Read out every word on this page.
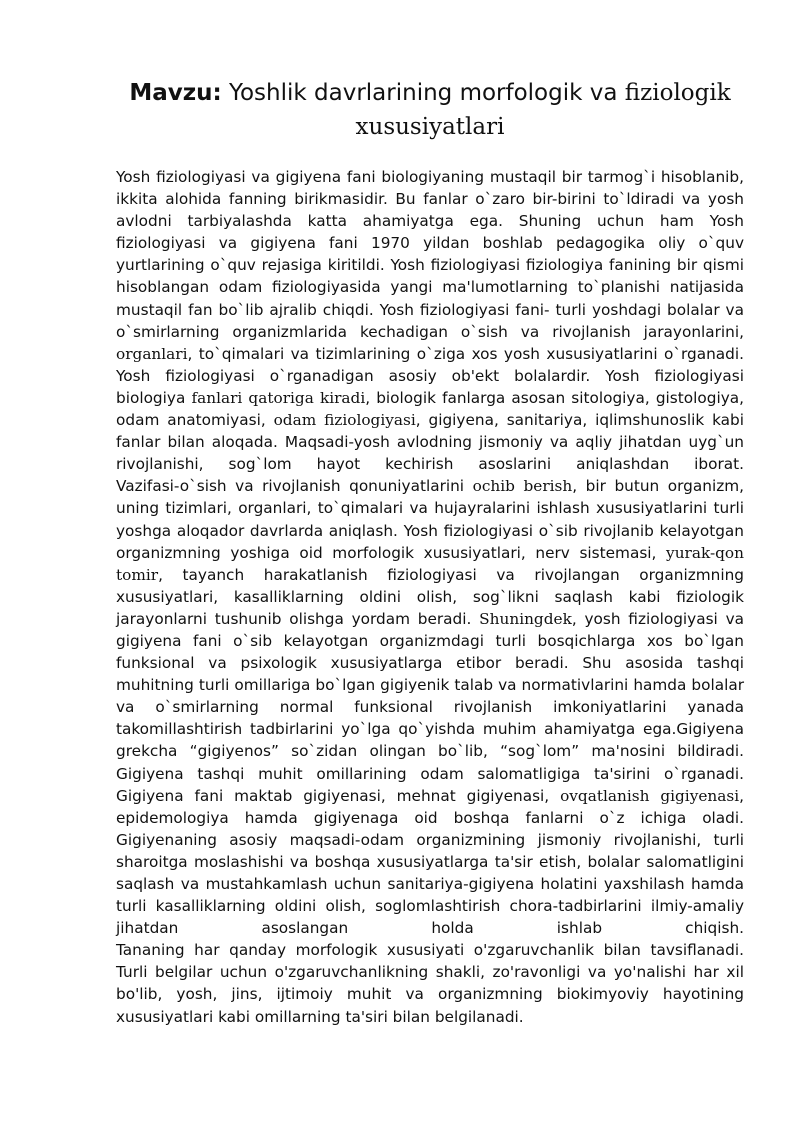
Mavzu: Yoshlik davrlarining morfologik va fiziologik xususiyatlari

Yosh fiziologiyasi va gigiyena fani biologiyaning mustaqil bir tarmog`i hisoblanib, ikkita alohida fanning birikmasidir. Bu fanlar o`zaro bir-birini to`ldiradi va yosh avlodni tarbiyalashda katta ahamiyatga ega. Shuning uchun ham Yosh fiziologiyasi va gigiyena fani 1970 yildan boshlab pedagogika oliy o`quv yurtlarining o`quv rejasiga kiritildi. Yosh fiziologiyasi fiziologiya fanining bir qismi hisoblangan odam fiziologiyasida yangi ma'lumotlarning to`planishi natijasida mustaqil fan bo`lib ajralib chiqdi. Yosh fiziologiyasi fani- turli yoshdagi bolalar va o`smirlarning organizmlarida kechadigan o`sish va rivojlanish jarayonlarini, organlari, to`qimalari va tizimlarining o`ziga xos yosh xususiyatlarini o`rganadi. Yosh fiziologiyasi o`rganadigan asosiy ob'ekt bolalardir. Yosh fiziologiyasi biologiya fanlari qatoriga kiradi, biologik fanlarga asosan sitologiya, gistologiya, odam anatomiyasi, odam fiziologiyasi, gigiyena, sanitariya, iqlimshunoslik kabi fanlar bilan aloqada. Maqsadi-yosh avlodning jismoniy va aqliy jihatdan uyg`un rivojlanishi, sog`lom hayot kechirish asoslarini aniqlashdan iborat.

Vazifasi-o`sish va rivojlanish qonuniyatlarini ochib berish, bir butun organizm, uning tizimlari, organlari, to`qimalari va hujayralarini ishlash xususiyatlarini turli yoshga aloqador davrlarda aniqlash. Yosh fiziologiyasi o`sib rivojlanib kelayotgan organizmning yoshiga oid morfologik xususiyatlari, nerv sistemasi, yurak-qon tomir, tayanch harakatlanish fiziologiyasi va rivojlangan organizmning xususiyatlari, kasalliklarning oldini olish, sog`likni saqlash kabi fiziologik jarayonlarni tushunib olishga yordam beradi. Shuningdek, yosh fiziologiyasi va gigiyena fani o`sib kelayotgan organizmdagi turli bosqichlarga xos bo`lgan funksional va psixologik xususiyatlarga etibor beradi. Shu asosida tashqi muhitning turli omillariga bo`lgan gigiyenik talab va normativlarini hamda bolalar va o`smirlarning normal funksional rivojlanish imkoniyatlarini yanada takomillashtirish tadbirlarini yo`lga qo`yishda muhim ahamiyatga ega.Gigiyena grekcha “gigiyenos” so`zidan olingan bo`lib, “sog`lom” ma'nosini bildiradi. Gigiyena tashqi muhit omillarining odam salomatligiga ta'sirini o`rganadi. Gigiyena fani maktab gigiyenasi, mehnat gigiyenasi, ovqatlanish gigiyenasi, epidemologiya hamda gigiyenaga oid boshqa fanlarni o`z ichiga oladi. Gigiyenaning asosiy maqsadi-odam organizmining jismoniy rivojlanishi, turli sharoitga moslashishi va boshqa xususiyatlarga ta'sir etish, bolalar salomatligini saqlash va mustahkamlash uchun sanitariya-gigiyena holatini yaxshilash hamda turli kasalliklarning oldini olish, soglomlashtirish chora-tadbirlarini ilmiy-amaliy jihatdan asoslangan holda ishlab chiqish.

Tananing har qanday morfologik xususiyati o'zgaruvchanlik bilan tavsiflanadi. Turli belgilar uchun o'zgaruvchanlikning shakli, zo'ravonligi va yo'nalishi har xil bo'lib, yosh, jins, ijtimoiy muhit va organizmning biokimyoviy hayotining xususiyatlari kabi omillarning ta'siri bilan belgilanadi.
